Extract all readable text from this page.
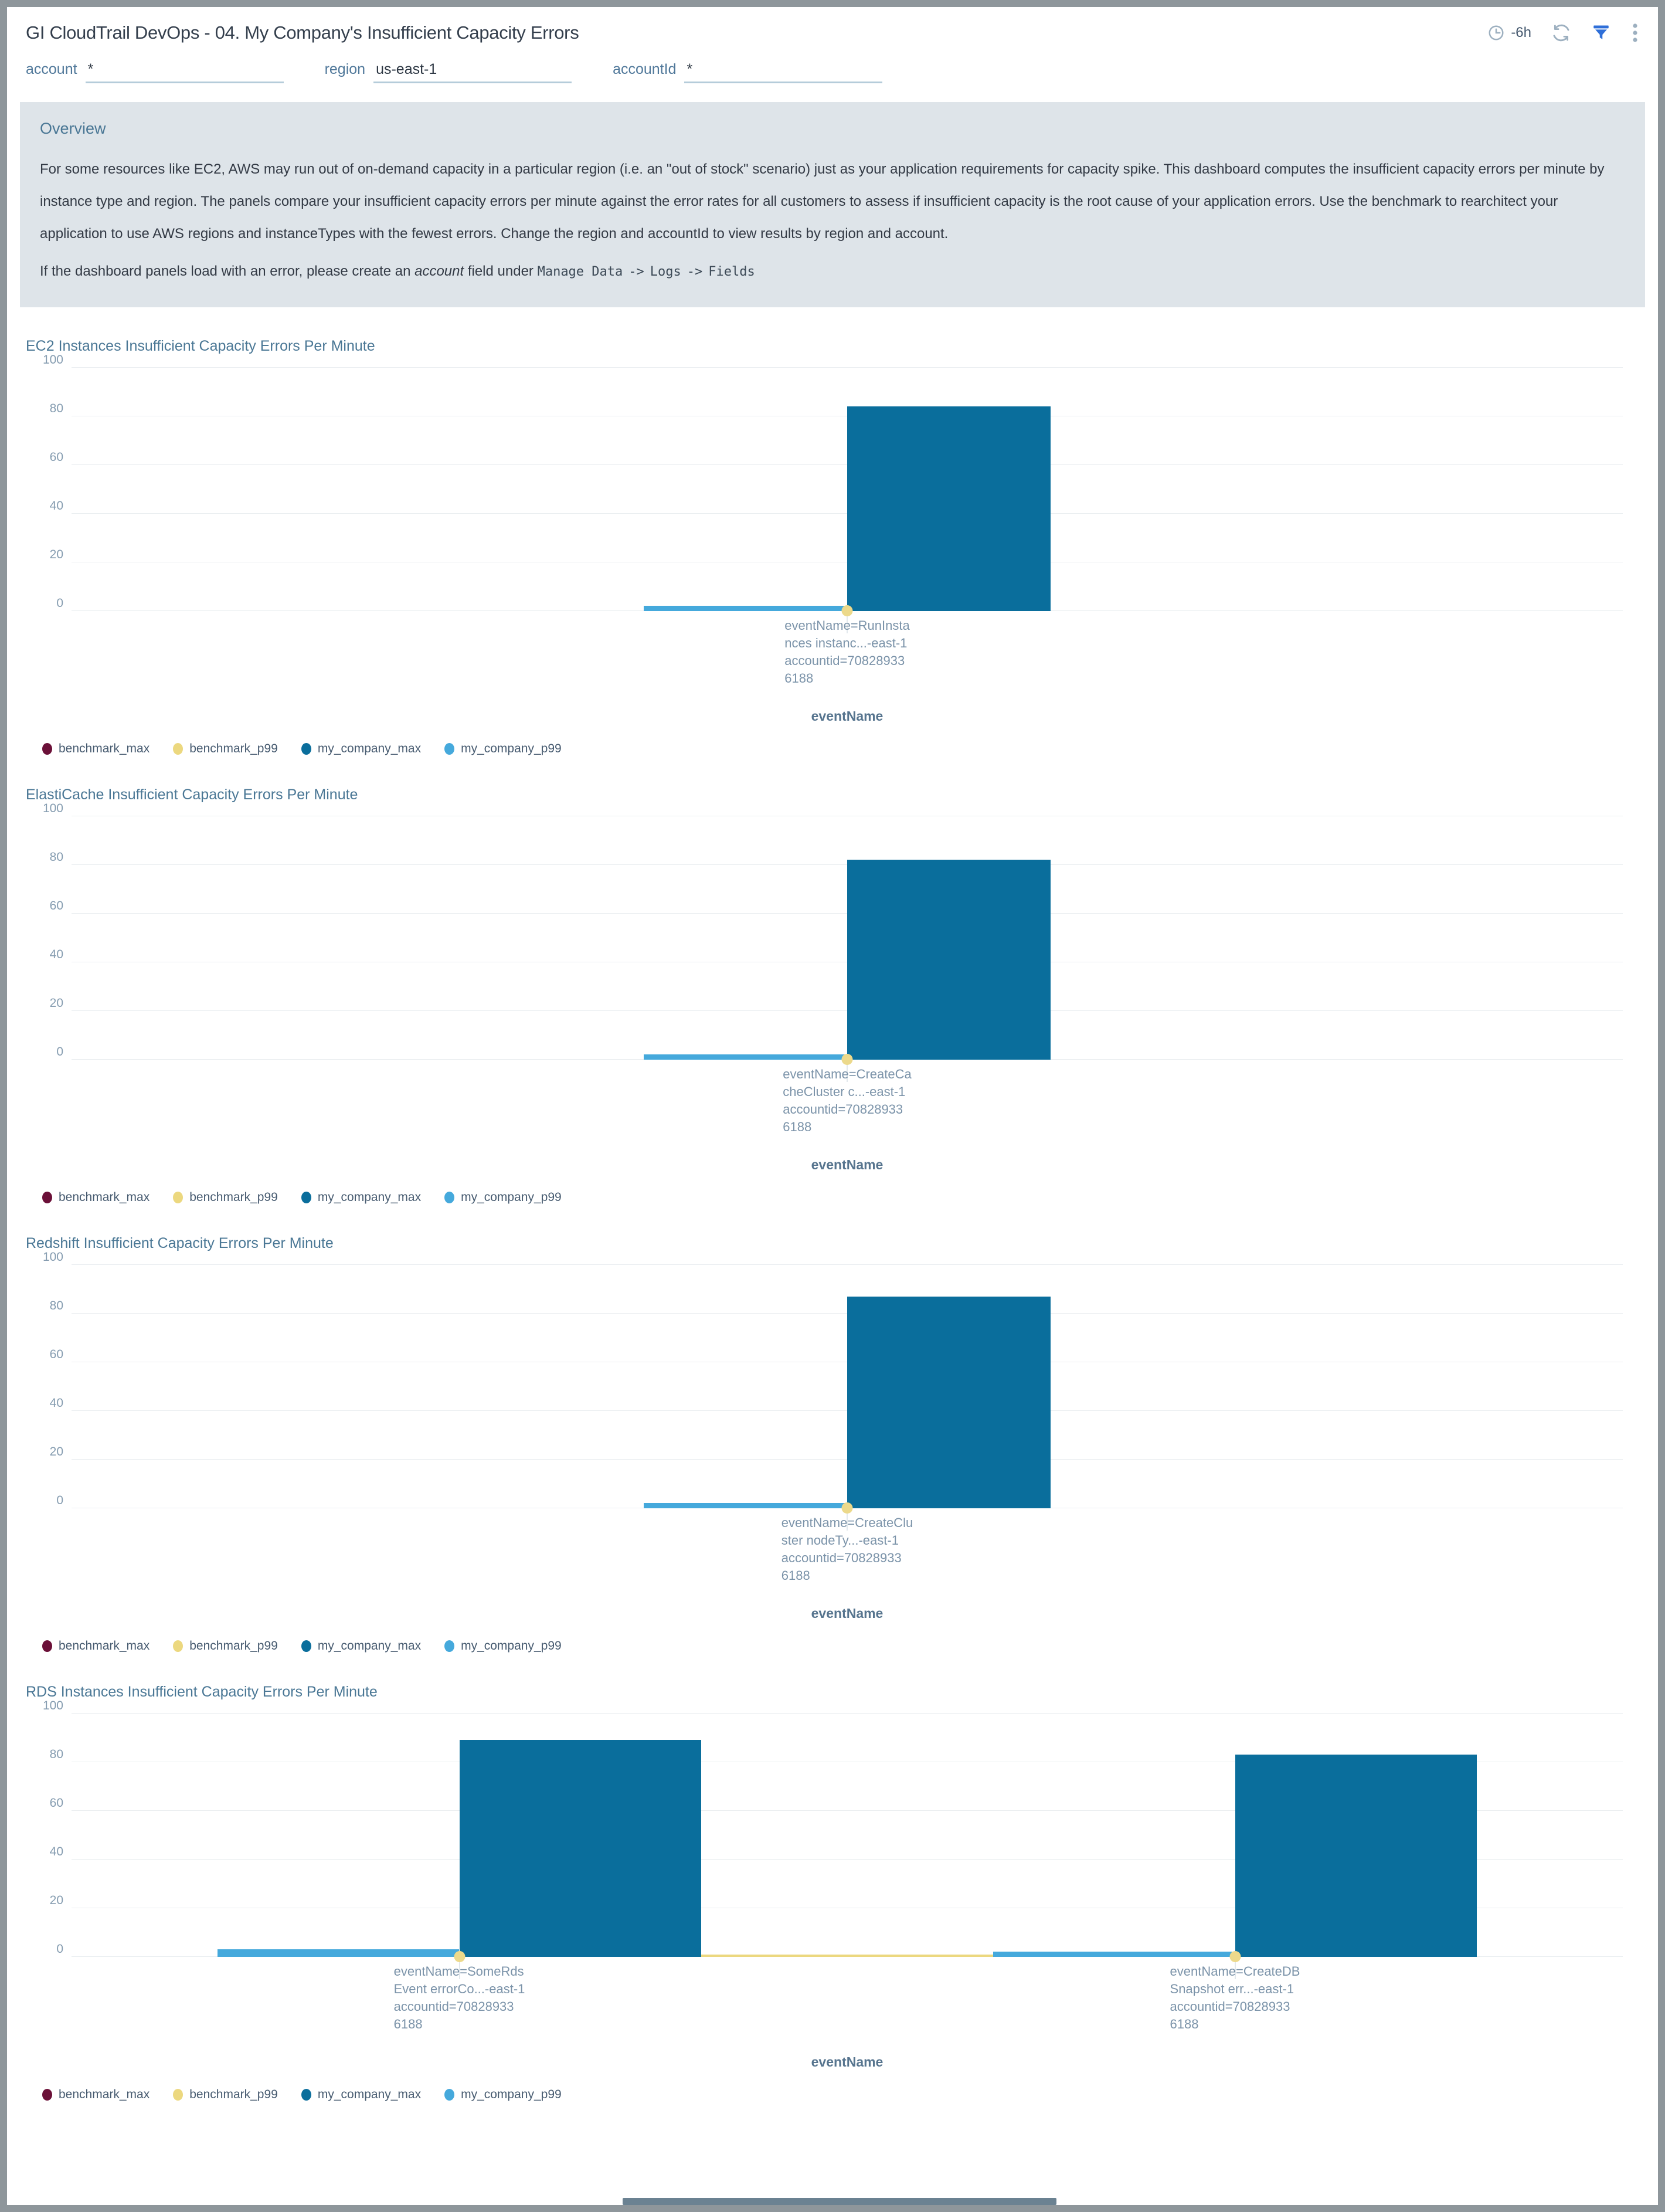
GI CloudTrail DevOps - 04. My Company's Insufficient Capacity Errors	-6h
account
*	region
us-east-1	accountId
*
Overview

For some resources like EC2, AWS may run out of on-demand capacity in a particular region (i.e. an "out of stock" scenario) just as your application requirements for capacity spike. This dashboard computes the insufficient capacity errors per minute by instance type and region. The panels compare your insufficient capacity errors per minute against the error rates for all customers to assess if insufficient capacity is the root cause of your application errors. Use the benchmark to rearchitect your application to use AWS regions and instanceTypes with the fewest errors. Change the region and accountId to view results by region and account.

If the dashboard panels load with an error, please create an account field under Manage Data -> Logs -> Fields

EC2 Instances Insufficient Capacity Errors Per Minute
0
20
40
60
80
100
eventName=RunInsta
nces instanc...-east-1
accountid=70828933
6188
eventName
benchmark_max	benchmark_p99	my_company_max	my_company_p99
ElastiCache Insufficient Capacity Errors Per Minute
0
20
40
60
80
100
eventName=CreateCa
cheCluster c...-east-1
accountid=70828933
6188
eventName
benchmark_max	benchmark_p99	my_company_max	my_company_p99
Redshift Insufficient Capacity Errors Per Minute
0
20
40
60
80
100
eventName=CreateClu
ster nodeTy...-east-1
accountid=70828933
6188
eventName
benchmark_max	benchmark_p99	my_company_max	my_company_p99
RDS Instances Insufficient Capacity Errors Per Minute
0
20
40
60
80
100
eventName=SomeRds
Event errorCo...-east-1
accountid=70828933
6188
eventName=CreateDB
Snapshot err...-east-1
accountid=70828933
6188
eventName
benchmark_max	benchmark_p99	my_company_max	my_company_p99
